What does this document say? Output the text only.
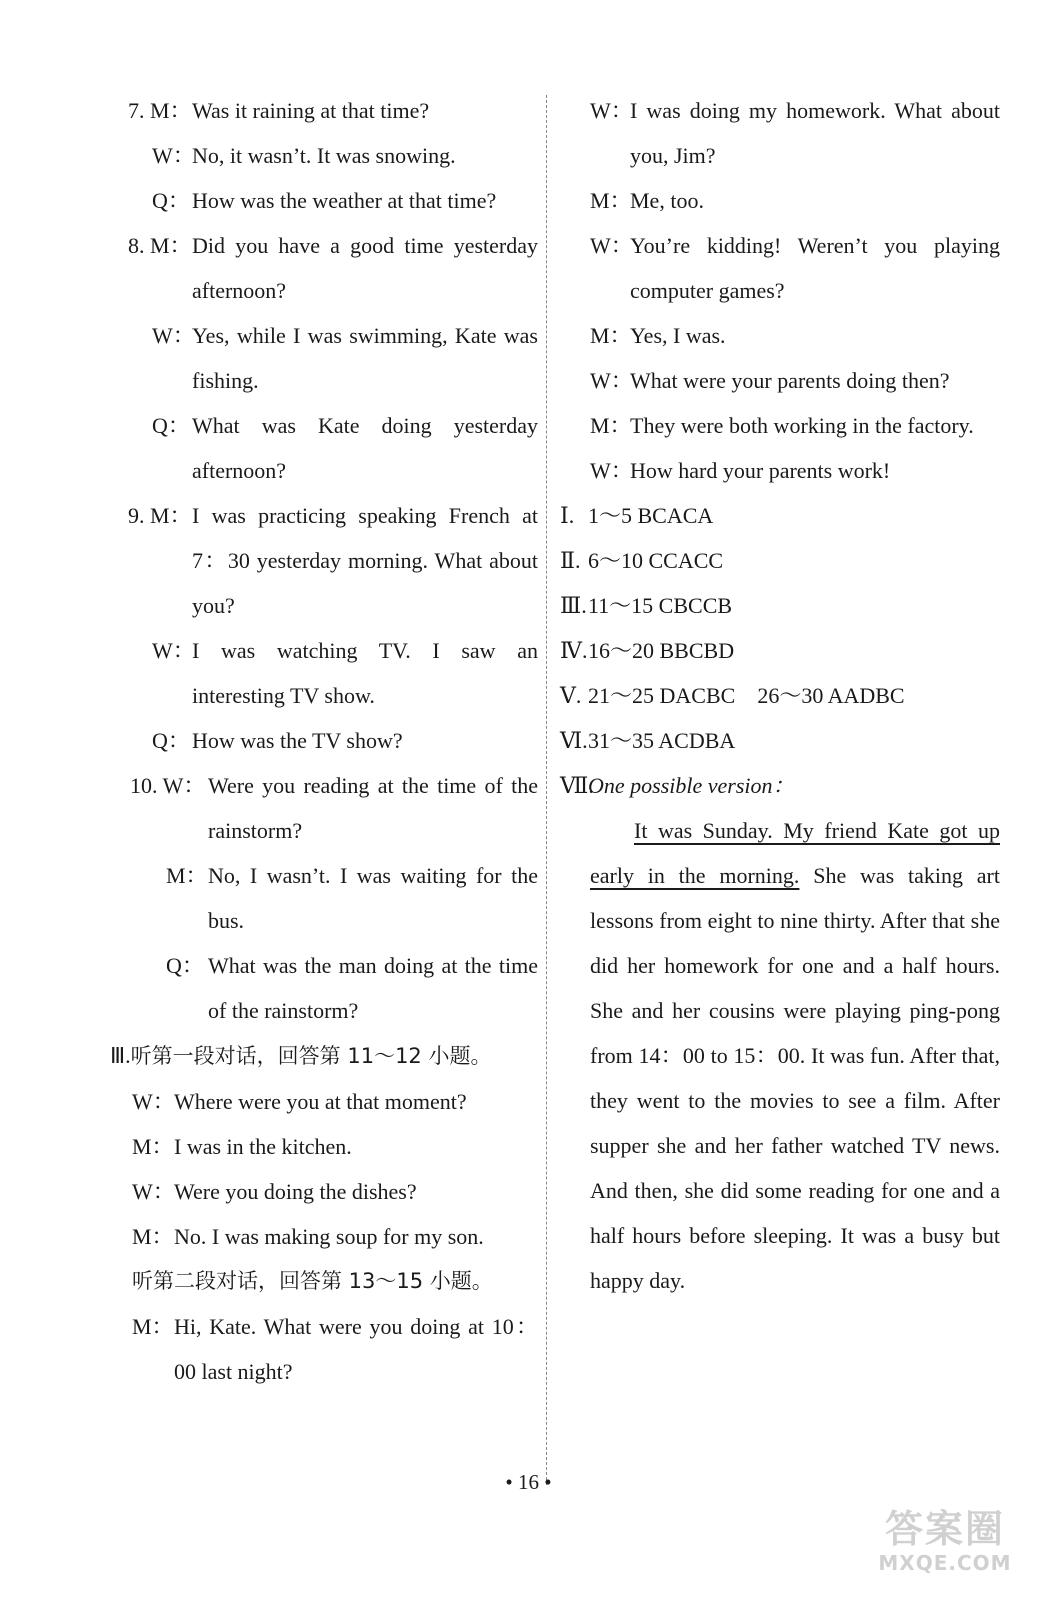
7. M： Was it raining at that time?
W：
No, it wasn’t. It was snowing.
Q： How was the weather at that time?
8. M： Did you have a good time yesterday afternoon?
W：
Yes, while I was swimming, Kate was fishing.
Q： What was Kate doing yesterday afternoon?
9. M： I was practicing speaking French at 7：30 yesterday morning. What about you?
W：
I was watching TV. I saw an interesting TV show.
Q： How was the TV show?
10. W： Were you reading at the time of the rainstorm?
M： No, I wasn’t. I was waiting for the bus.
Q： What was the man doing at the time of the rainstorm?
Ⅲ.听第一段对话，回答第 11～12 小题。
W： Where were you at that moment?
M： I was in the kitchen.
W： Were you doing the dishes?
M： No. I was making soup for my son.
听第二段对话，回答第 13～15 小题。
M： Hi, Kate. What were you doing at 10：00 last night?
W：
I was doing my homework. What about you, Jim?
M：
Me, too.
W：
You’re kidding! Weren’t you playing computer games?
M：
Yes, I was.
W：
What were your parents doing then?
M：
They were both working in the factory.
W：
How hard your parents work!
Ⅰ. 1～5 BCACA
Ⅱ. 6～10 CCACC
Ⅲ.11～15 CBCCB
Ⅳ.16～20 BBCBD
Ⅴ. 21～25 DACBC 26～30 AADBC
Ⅵ.31～35 ACDBA
Ⅶ.One possible version：
It was Sunday. My friend Kate got up early in the morning. She was taking art lessons from eight to nine thirty. After that she did her homework for one and a half hours. She and her cousins were playing ping-pong from 14：00 to 15：00. It was fun. After that, they went to the movies to see a film. After supper she and her father watched TV news. And then, she did some reading for one and a half hours before sleeping. It was a busy but happy day.
• 16 •
答案圈
MXQE.COM
